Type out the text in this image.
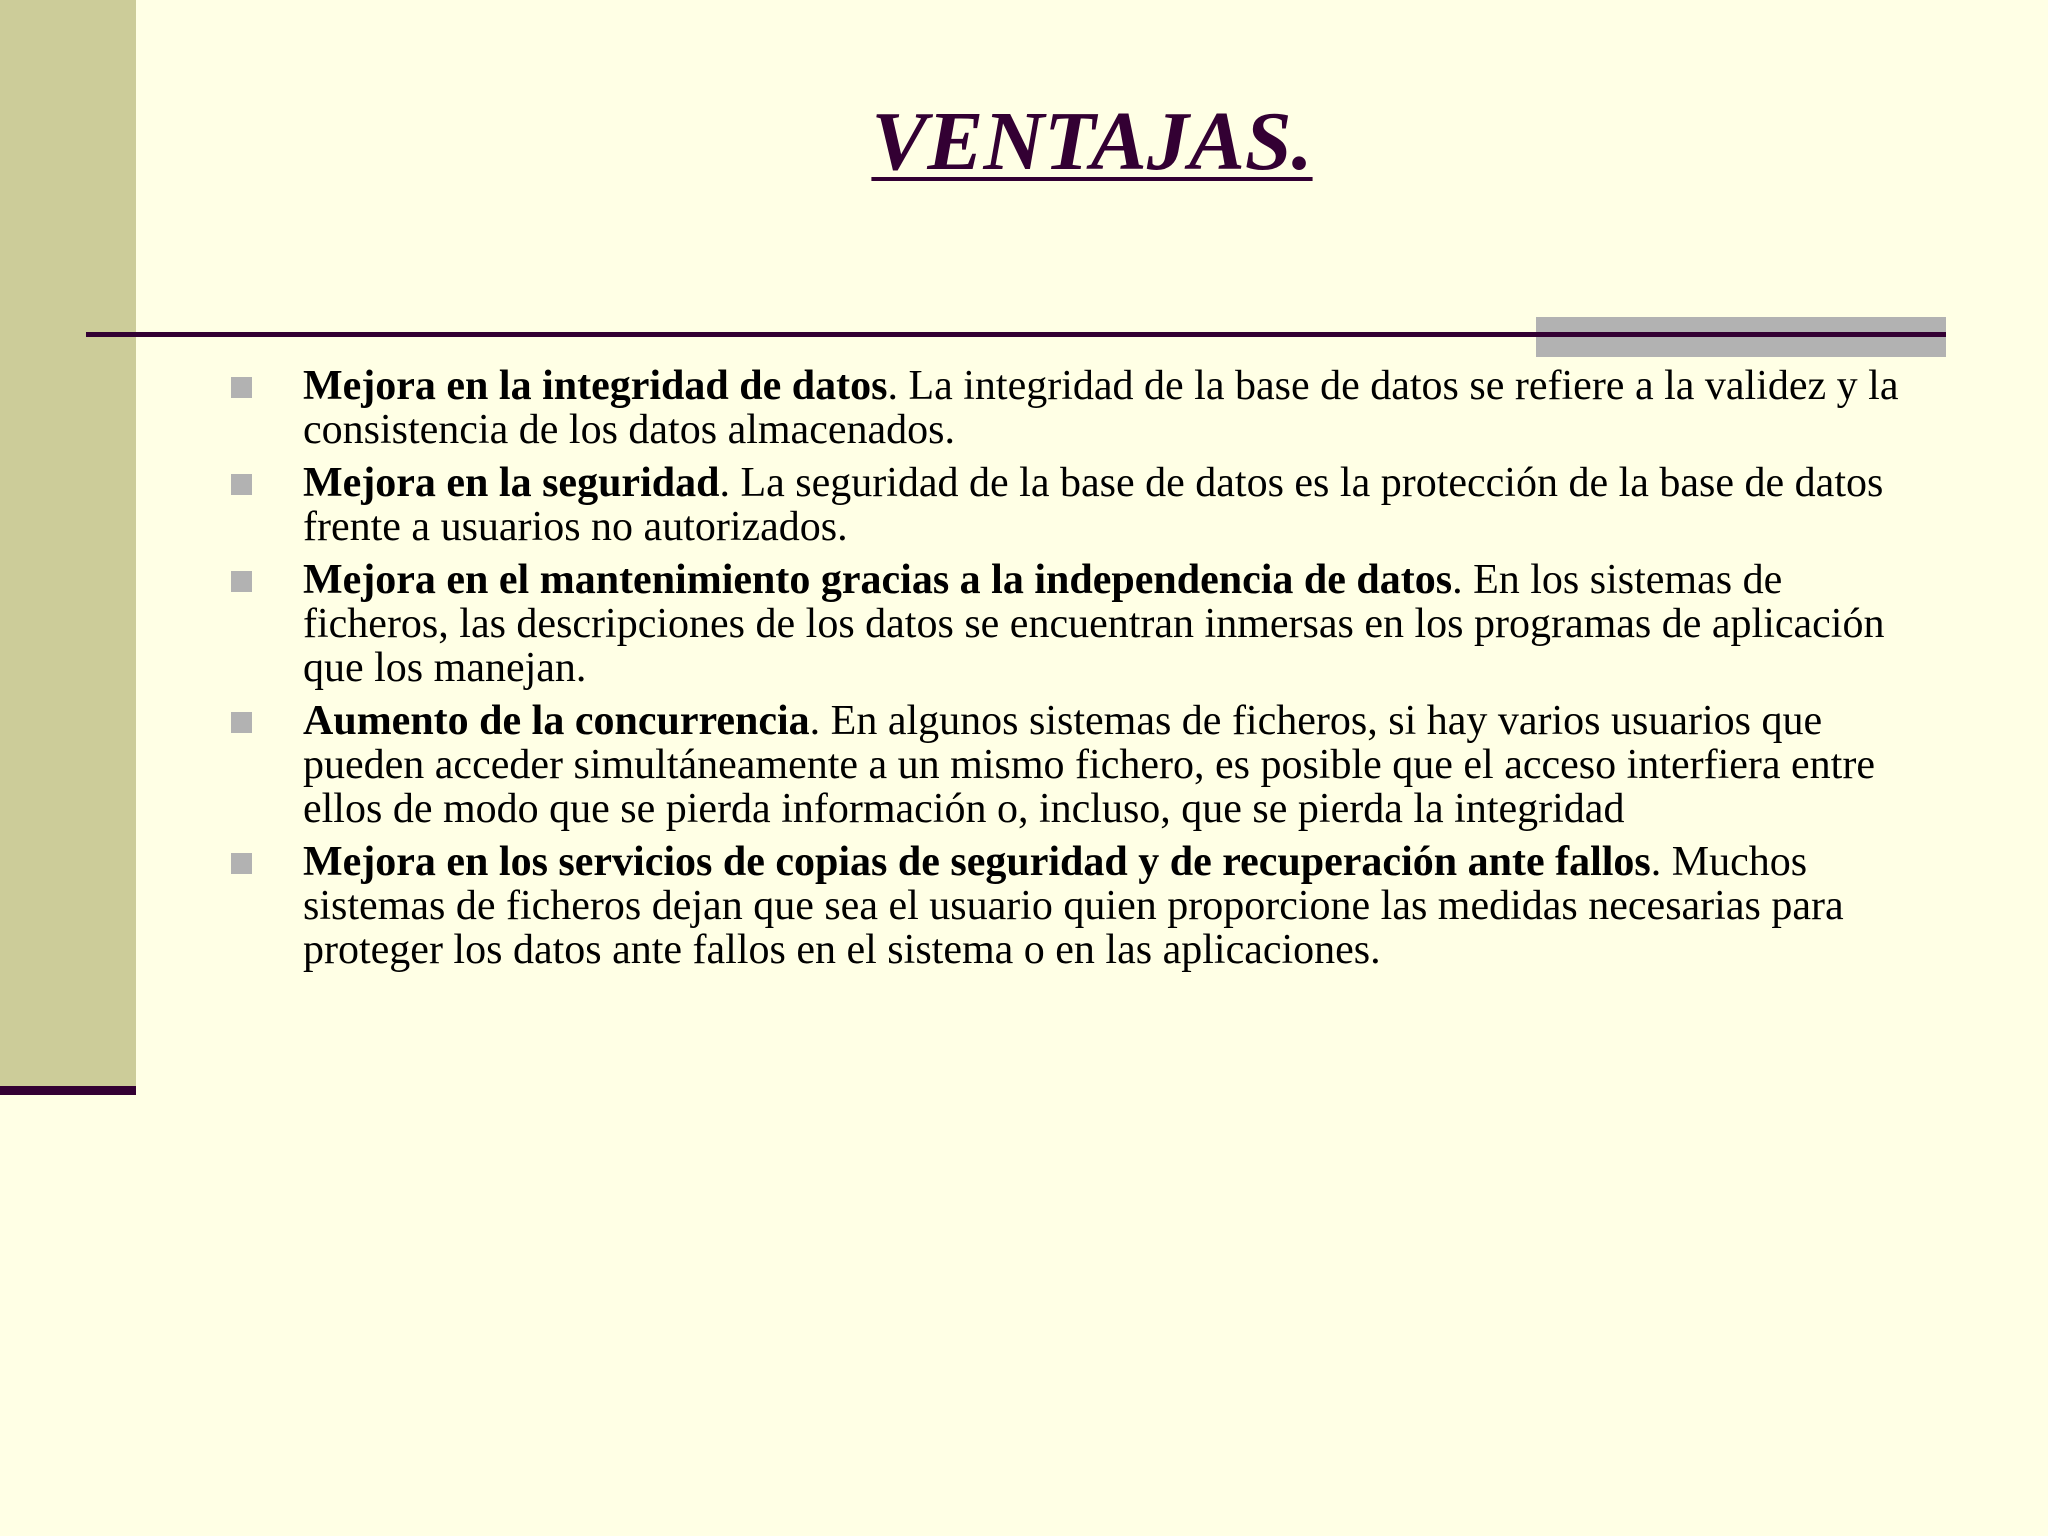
VENTAJAS.
Mejora en la integridad de datos. La integridad de la base de datos se refiere a la validez y la consistencia de los datos almacenados.
Mejora en la seguridad. La seguridad de la base de datos es la protección de la base de datos frente a usuarios no autorizados.
Mejora en el mantenimiento gracias a la independencia de datos. En los sistemas de ficheros, las descripciones de los datos se encuentran inmersas en los programas de aplicación que los manejan.
Aumento de la concurrencia. En algunos sistemas de ficheros, si hay varios usuarios que pueden acceder simultáneamente a un mismo fichero, es posible que el acceso interfiera entre ellos de modo que se pierda información o, incluso, que se pierda la integridad
Mejora en los servicios de copias de seguridad y de recuperación ante fallos. Muchos sistemas de ficheros dejan que sea el usuario quien proporcione las medidas necesarias para proteger los datos ante fallos en el sistema o en las aplicaciones.
